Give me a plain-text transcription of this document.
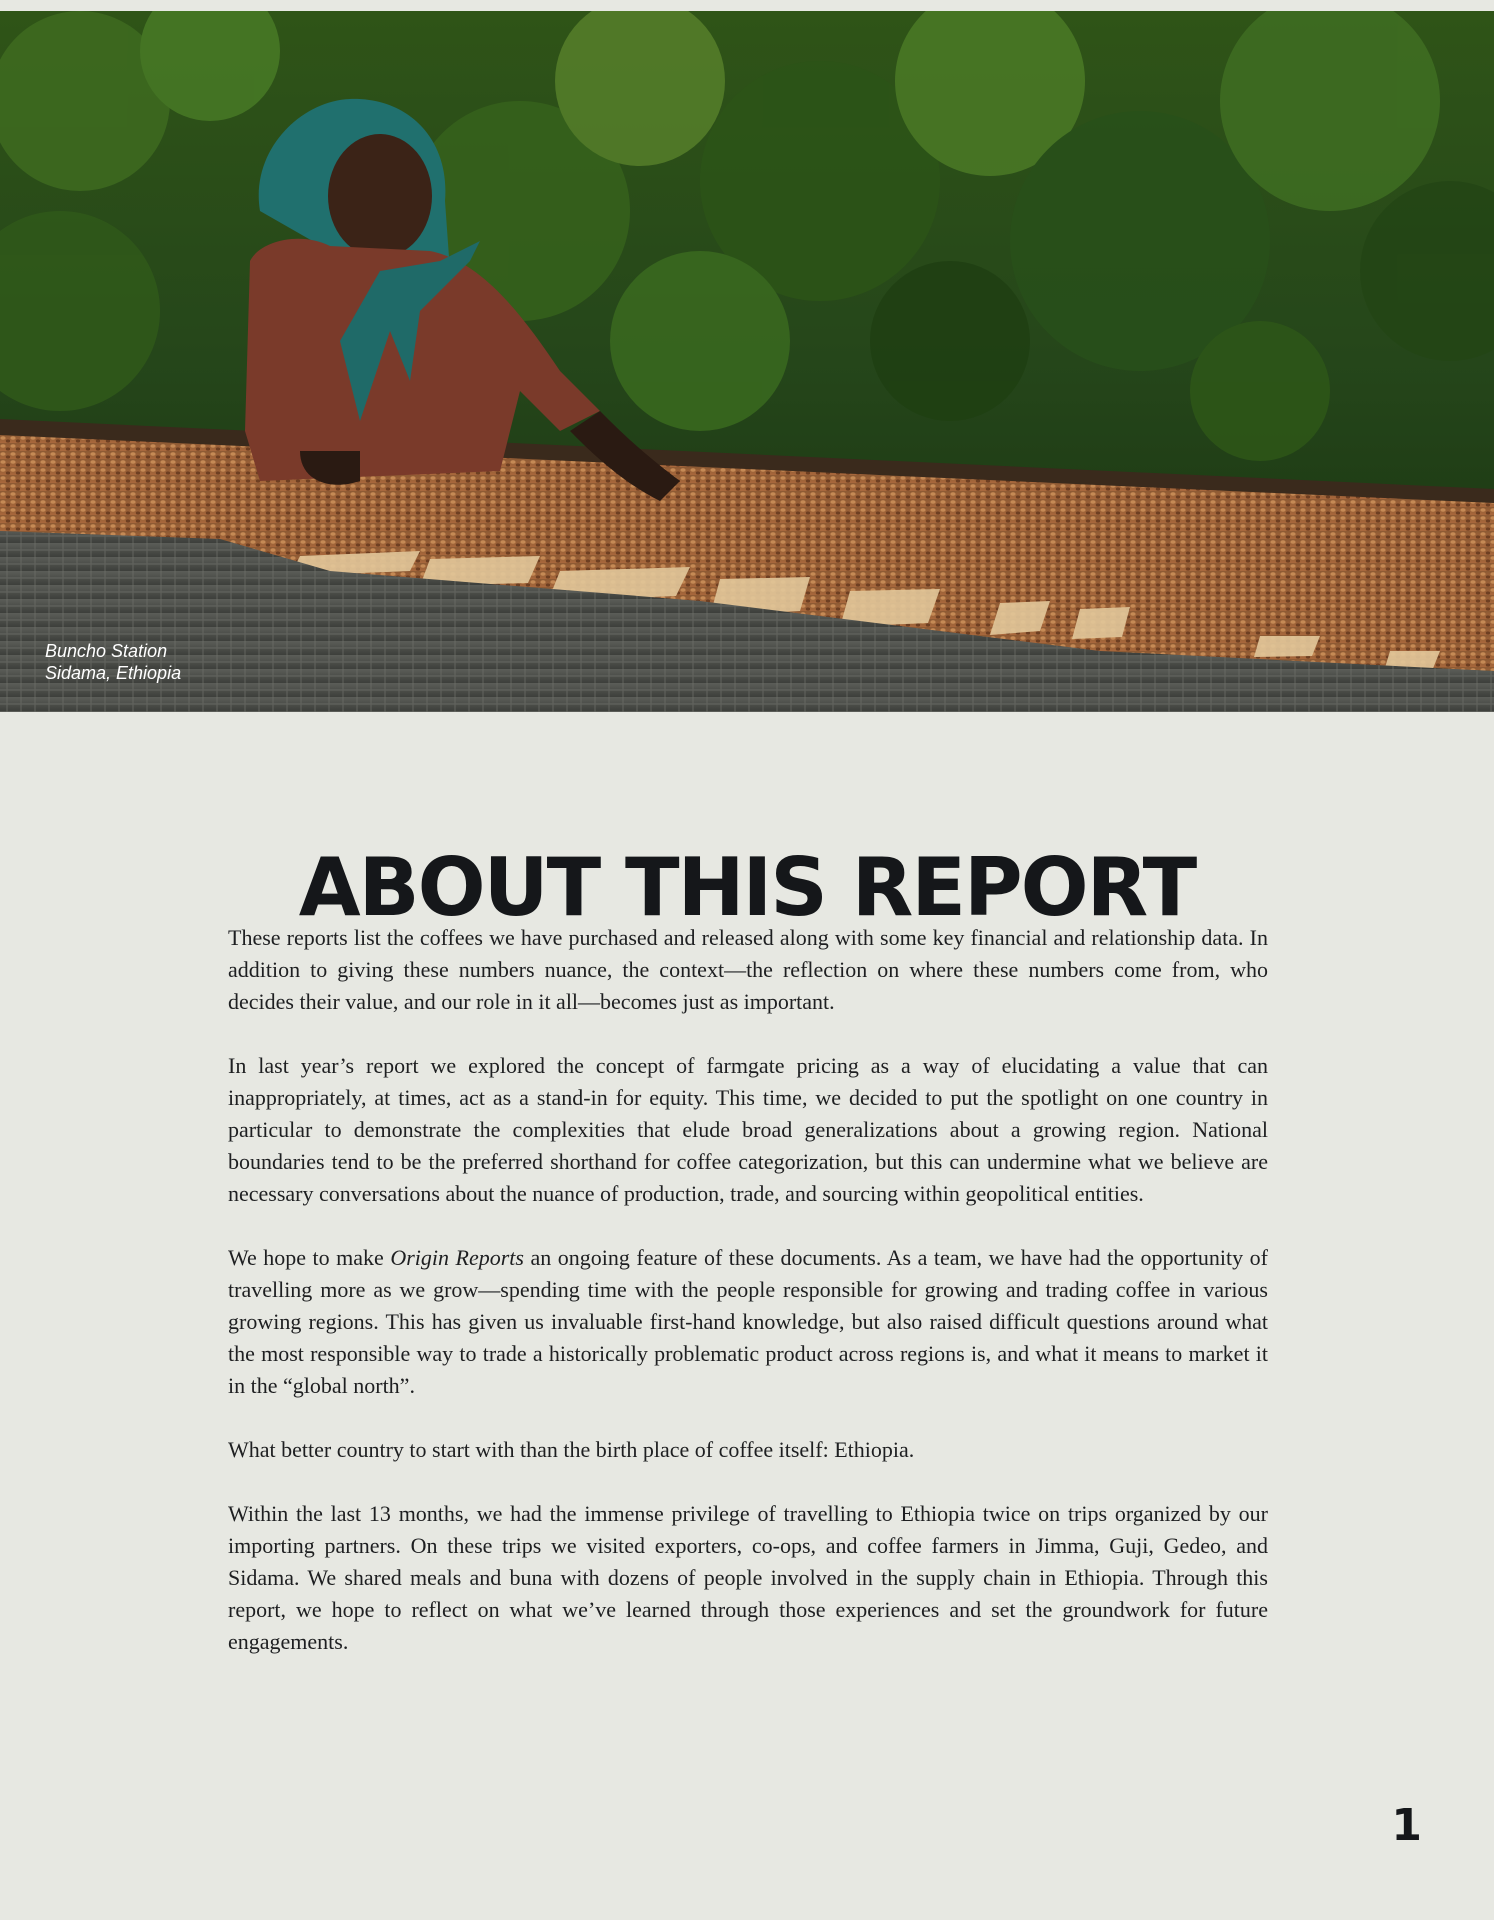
Buncho Station
Sidama, Ethiopia
ABOUT THIS REPORT

These reports list the coffees we have purchased and released along with some key financial and relationship data. In addition to giving these numbers nuance, the context—the reflection on where these numbers come from, who decides their value, and our role in it all—becomes just as important.

In last year’s report we explored the concept of farmgate pricing as a way of elucidating a value that can inappropriately, at times, act as a stand-in for equity. This time, we decided to put the spotlight on one country in particular to demonstrate the complexities that elude broad generalizations about a growing region. National boundaries tend to be the preferred shorthand for coffee categorization, but this can undermine what we believe are necessary conversations about the nuance of production, trade, and sourcing within geopolitical entities.

We hope to make Origin Reports an ongoing feature of these documents. As a team, we have had the opportunity of travelling more as we grow—spending time with the people responsible for growing and trading coffee in various growing regions. This has given us invaluable first-hand knowledge, but also raised difficult questions around what the most responsible way to trade a historically problematic product across regions is, and what it means to market it in the “global north”.

What better country to start with than the birth place of coffee itself: Ethiopia.

Within the last 13 months, we had the immense privilege of travelling to Ethiopia twice on trips organized by our importing partners. On these trips we visited exporters, co-ops, and coffee farmers in Jimma, Guji, Gedeo, and Sidama. We shared meals and buna with dozens of people involved in the supply chain in Ethiopia. Through this report, we hope to reflect on what we’ve learned through those experiences and set the groundwork for future engagements.

1
